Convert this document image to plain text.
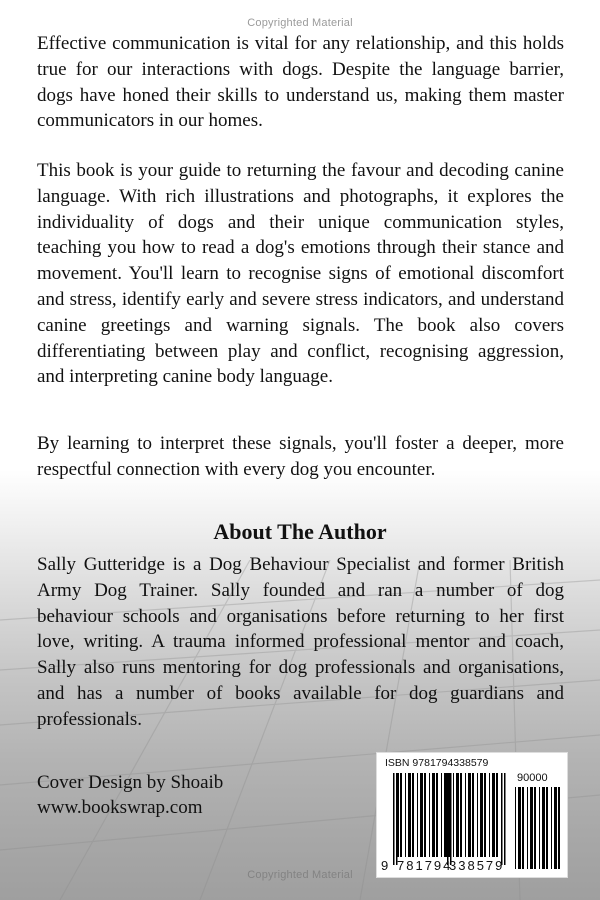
Copyrighted Material

Effective communication is vital for any relationship, and this holds true for our interactions with dogs. Despite the language barrier, dogs have honed their skills to understand us, making them master communicators in our homes.

This book is your guide to returning the favour and decoding canine language. With rich illustrations and photographs, it explores the individuality of dogs and their unique communication styles, teaching you how to read a dog's emotions through their stance and movement. You'll learn to recognise signs of emotional discomfort and stress, identify early and severe stress indicators, and understand canine greetings and warning signals. The book also covers differentiating between play and conflict, recognising aggression, and interpreting canine body language.

By learning to interpret these signals, you'll foster a deeper, more respectful connection with every dog you encounter.

About The Author

Sally Gutteridge is a Dog Behaviour Specialist and former British Army Dog Trainer. Sally founded and ran a number of dog behaviour schools and organisations before returning to her first love, writing. A trauma informed professional mentor and coach, Sally also runs mentoring for dog professionals and organisations, and has a number of books available for dog guardians and professionals.

Cover Design by Shoaib
www.bookswrap.com
ISBN 9781794338579
90000
9 781794
338579
Copyrighted Material
